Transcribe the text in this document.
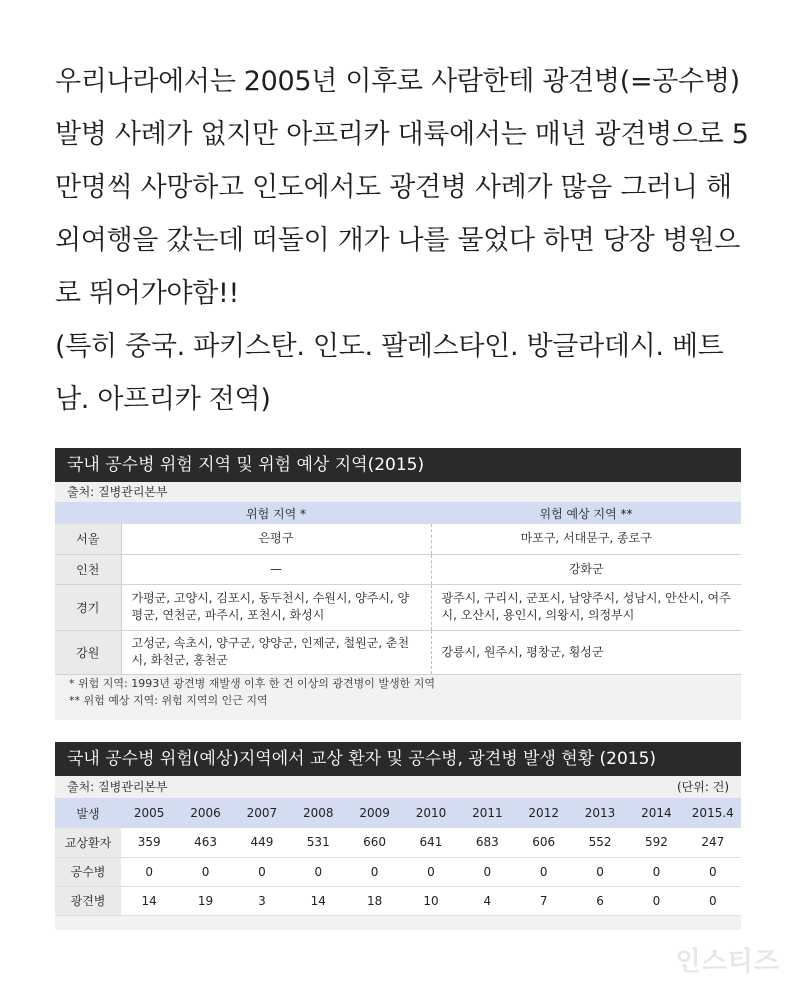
우리나라에서는 2005년 이후로 사람한테 광견병(=공수병)
발병 사례가 없지만 아프리카 대륙에서는 매년 광견병으로 5
만명씩 사망하고 인도에서도 광견병 사례가 많음 그러니 해
외여행을 갔는데 떠돌이 개가 나를 물었다 하면 당장 병원으
로 뛰어가야함!!
(특히 중국. 파키스탄. 인도. 팔레스타인. 방글라데시. 베트
남. 아프리카 전역)
국내 공수병 위험 지역 및 위험 예상 지역(2015)
출처: 질병관리본부
	위험 지역 *	위험 예상 지역 **
서울	은평구	마포구, 서대문구, 종로구
인천	—	강화군
경기	가평군, 고양시, 김포시, 동두천시, 수원시, 양주시, 양평군, 연천군, 파주시, 포천시, 화성시	광주시, 구리시, 군포시, 남양주시, 성남시, 안산시, 여주시, 오산시, 용인시, 의왕시, 의정부시
강원	고성군, 속초시, 양구군, 양양군, 인제군, 철원군, 춘천시, 화천군, 홍천군	강릉시, 원주시, 평창군, 횡성군
* 위험 지역: 1993년 광견병 재발생 이후 한 건 이상의 광견병이 발생한 지역
** 위험 예상 지역: 위험 지역의 인근 지역
국내 공수병 위험(예상)지역에서 교상 환자 및 공수병, 광견병 발생 현황 (2015)
출처: 질병관리본부	(단위: 건)
발생	2005	2006	2007	2008	2009	2010	2011	2012	2013	2014	2015.4
교상환자	359	463	449	531	660	641	683	606	552	592	247
공수병	0	0	0	0	0	0	0	0	0	0	0
광견병	14	19	3	14	18	10	4	7	6	0	0
인스티즈
